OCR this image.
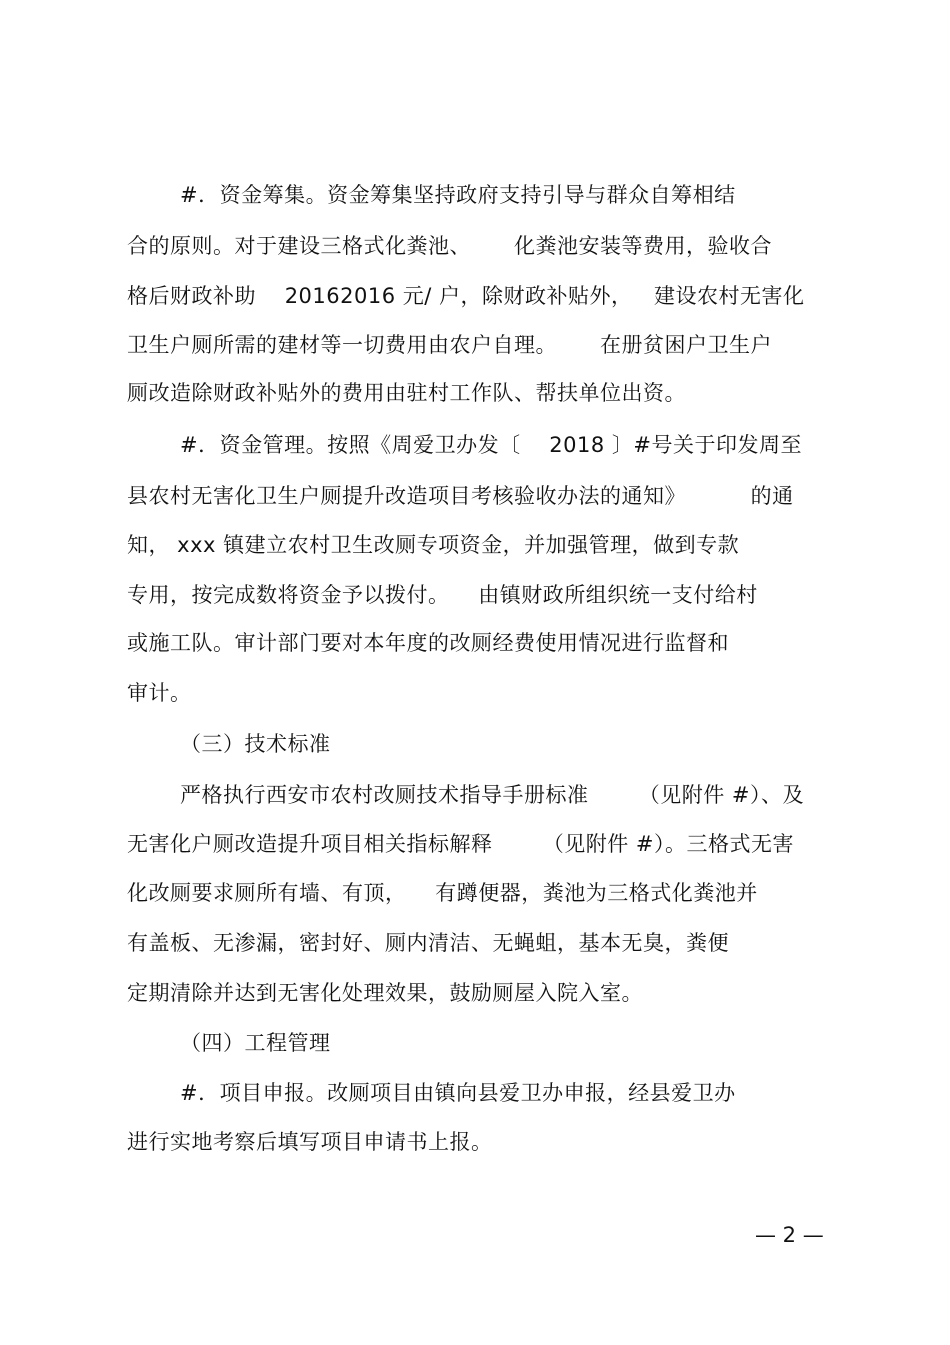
#．资金筹集。资金筹集坚持政府支持引导与群众自筹相结
合的原则。对于建设三格式化粪池、      化粪池安装等费用，验收合
格后财政补助    20162016 元/ 户，除财政补贴外，   建设农村无害化
卫生户厕所需的建材等一切费用由农户自理。      在册贫困户卫生户
厕改造除财政补贴外的费用由驻村工作队、帮扶单位出资。
#．资金管理。按照《周爱卫办发〔    2018 〕#号关于印发周至
县农村无害化卫生户厕提升改造项目考核验收办法的通知》         的通
知， xxx 镇建立农村卫生改厕专项资金，并加强管理，做到专款
专用，按完成数将资金予以拨付。    由镇财政所组织统一支付给村
或施工队。审计部门要对本年度的改厕经费使用情况进行监督和
审计。
（三）技术标准
严格执行西安市农村改厕技术指导手册标准       （见附件 #）、及
无害化户厕改造提升项目相关指标解释       （见附件 #）。三格式无害
化改厕要求厕所有墙、有顶，    有蹲便器，粪池为三格式化粪池并
有盖板、无渗漏，密封好、厕内清洁、无蝇蛆，基本无臭，粪便
定期清除并达到无害化处理效果，鼓励厕屋入院入室。
（四）工程管理
#．项目申报。改厕项目由镇向县爱卫办申报，经县爱卫办
进行实地考察后填写项目申请书上报。
— 2 —
